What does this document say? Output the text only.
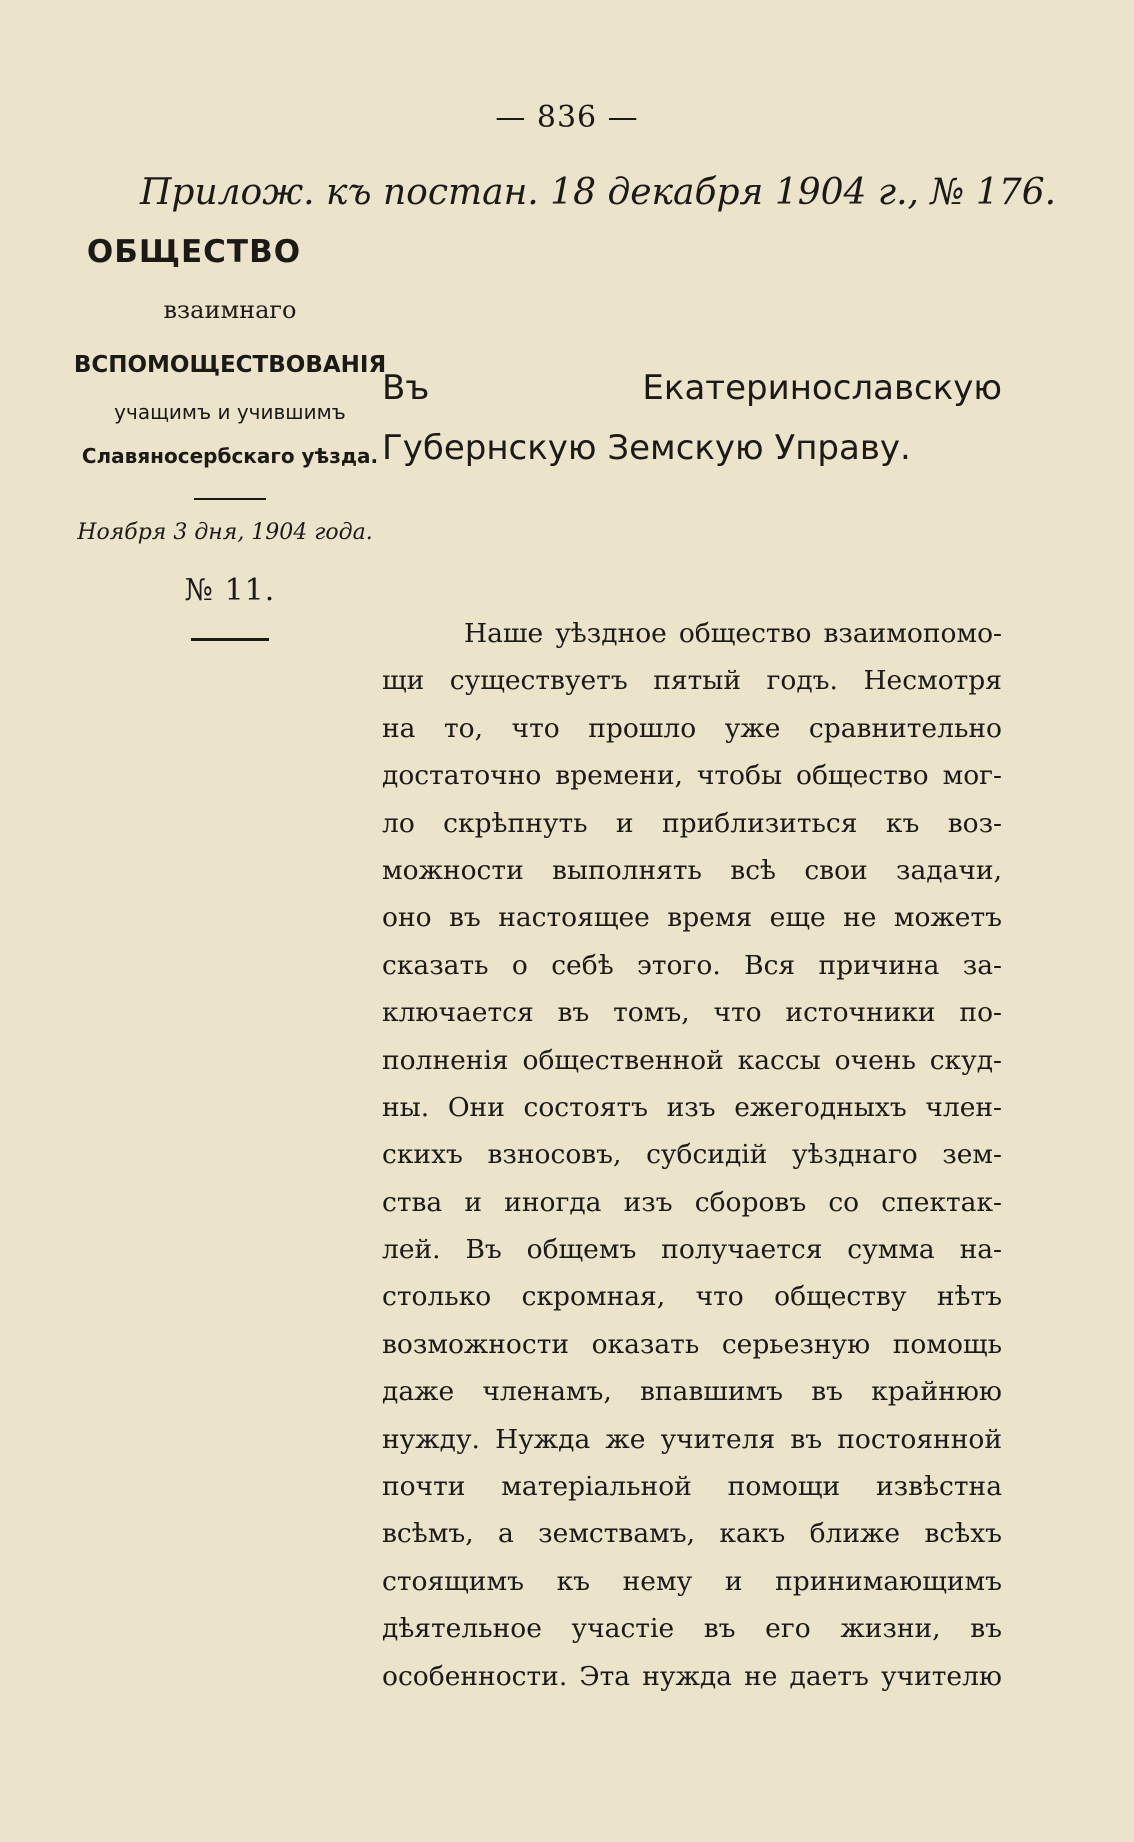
— 836 —
Прилож. къ постан. 18 декабря 1904 г., № 176.
ОБЩЕСТВО
взаимнаго
ВСПОМОЩЕСТВОВАНІЯ
учащимъ и учившимъ
Славяносербскаго уѣзда.
Ноября 3 дня, 1904 года.
№ 11.
Въ Екатеринославскую Губернскую Земскую Управу.
Наше уѣздное общество взаимопомо-
щи существуетъ пятый годъ. Несмотря
на то, что прошло уже сравнительно
достаточно времени, чтобы общество мог-
ло скрѣпнуть и приблизиться къ воз-
можности выполнять всѣ свои задачи,
оно въ настоящее время еще не можетъ
сказать о себѣ этого. Вся причина за-
ключается въ томъ, что источники по-
полненія общественной кассы очень скуд-
ны. Они состоятъ изъ ежегодныхъ член-
скихъ взносовъ, субсидій уѣзднаго зем-
ства и иногда изъ сборовъ со спектак-
лей. Въ общемъ получается сумма на-
столько скромная, что обществу нѣтъ
возможности оказать серьезную помощь
даже членамъ, впавшимъ въ крайнюю
нужду. Нужда же учителя въ постоянной
почти матеріальной помощи извѣстна
всѣмъ, а земствамъ, какъ ближе всѣхъ
стоящимъ къ нему и принимающимъ
дѣятельное участіе въ его жизни, въ
особенности. Эта нужда не даетъ учителю
